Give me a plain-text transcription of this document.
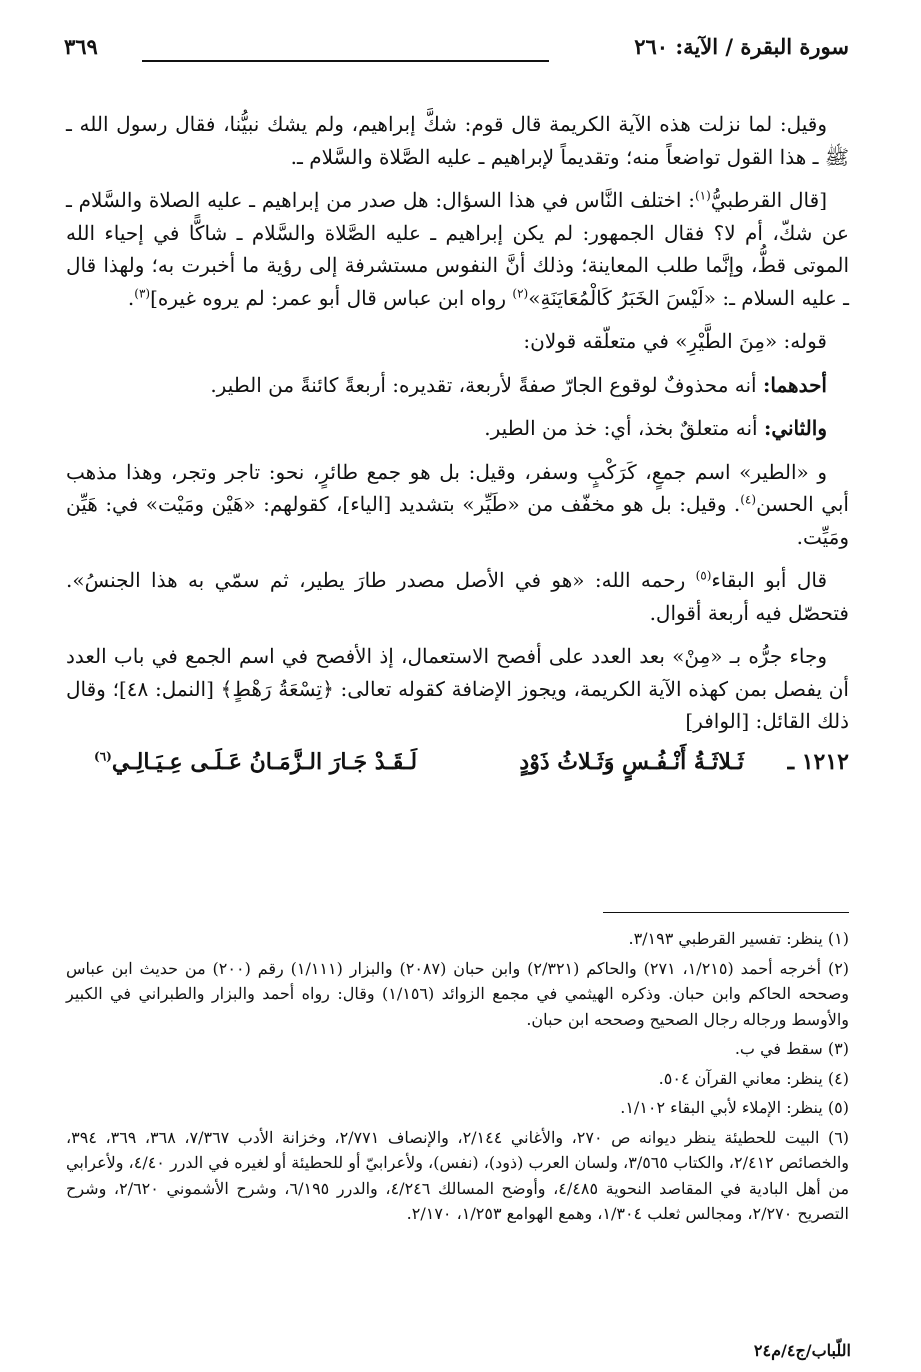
سورة البقرة / الآية: ٢٦٠
٣٦٩

وقيل: لما نزلت هذه الآية الكريمة قال قوم: شكَّ إبراهيم، ولم يشك نبيُّنا، فقال رسول الله ـ ﷺ ـ هذا القول تواضعاً منه؛ وتقديماً لإبراهيم ـ عليه الصَّلاة والسَّلام ـ.

[قال القرطبيُّ$^{(١)}$: اختلف النَّاس في هذا السؤال: هل صدر من إبراهيم ـ عليه الصلاة والسَّلام ـ عن شكّ، أم لا؟ فقال الجمهور: لم يكن إبراهيم ـ عليه الصَّلاة والسَّلام ـ شاكًّا في إحياء الله الموتى قطُّ، وإنَّما طلب المعاينة؛ وذلك أنَّ النفوس مستشرفة إلى رؤية ما أخبرت به؛ ولهذا قال ـ عليه السلام ـ: «لَيْسَ الخَبَرُ كَالْمُعَايَنَةِ»$^{(٢)}$ رواه ابن عباس قال أبو عمر: لم يروه غيره]$^{(٣)}$.

قوله: «مِنَ الطَّيْرِ» في متعلّقه قولان:

أحدهما: أنه محذوفٌ لوقوع الجارّ صفةً لأربعة، تقديره: أربعةً كائنةً من الطير.

والثاني: أنه متعلقٌ بخذ، أي: خذ من الطير.

و «الطير» اسم جمعٍ، كَرَكْبٍ وسفر، وقيل: بل هو جمع طائرٍ، نحو: تاجر وتجر، وهذا مذهب أبي الحسن$^{(٤)}$. وقيل: بل هو مخفّف من «طَيِّر» بتشديد [الياء]، كقولهم: «هَيْن ومَيْت» في: هَيِّن ومَيِّت.

قال أبو البقاء$^{(٥)}$ رحمه الله: «هو في الأصل مصدر طارَ يطير، ثم سمّي به هذا الجنسُ». فتحصّل فيه أربعة أقوال.

وجاء جرُّه بـ «مِنْ» بعد العدد على أفصح الاستعمال، إذ الأفصح في اسم الجمع في باب العدد أن يفصل بمن كهذه الآية الكريمة، ويجوز الإضافة كقوله تعالى: ﴿تِسْعَةُ رَهْطٍ﴾ [النمل: ٤٨]؛ وقال ذلك القائل: [الوافر]

١٢١٢ ـ
ثَـلاثَـةُ أَنْـفُـسٍ وَثَـلاثُ ذَوْدٍ
لَـقَـدْ جَـارَ الـزَّمَـانُ عَـلَـى عِـيَـالِـي$^{(٦)}$

(١) ينظر: تفسير القرطبي ٣/١٩٣.

(٢) أخرجه أحمد (١/٢١٥، ٢٧١) والحاكم (٢/٣٢١) وابن حبان (٢٠٨٧) والبزار (١/١١١) رقم (٢٠٠) من حديث ابن عباس وصححه الحاكم وابن حبان. وذكره الهيثمي في مجمع الزوائد (١/١٥٦) وقال: رواه أحمد والبزار والطبراني في الكبير والأوسط ورجاله رجال الصحيح وصححه ابن حبان.

(٣) سقط في ب.

(٤) ينظر: معاني القرآن ٥٠٤.

(٥) ينظر: الإملاء لأبي البقاء ١/١٠٢.

(٦) البيت للحطيئة ينظر ديوانه ص ٢٧٠، والأغاني ٢/١٤٤، والإنصاف ٢/٧٧١، وخزانة الأدب ٧/٣٦٧، ٣٦٨، ٣٦٩، ٣٩٤، والخصائص ٢/٤١٢، والكتاب ٣/٥٦٥، ولسان العرب (ذود)، (نفس)، ولأعرابيّ أو للحطيئة أو لغيره في الدرر ٤/٤٠، ولأعرابي من أهل البادية في المقاصد النحوية ٤/٤٨٥، وأوضح المسالك ٤/٢٤٦، والدرر ٦/١٩٥، وشرح الأشموني ٢/٦٢٠، وشرح التصريح ٢/٢٧٠، ومجالس ثعلب ١/٣٠٤، وهمع الهوامع ١/٢٥٣، ٢/١٧٠.

اللّباب/ج٤/م٢٤
